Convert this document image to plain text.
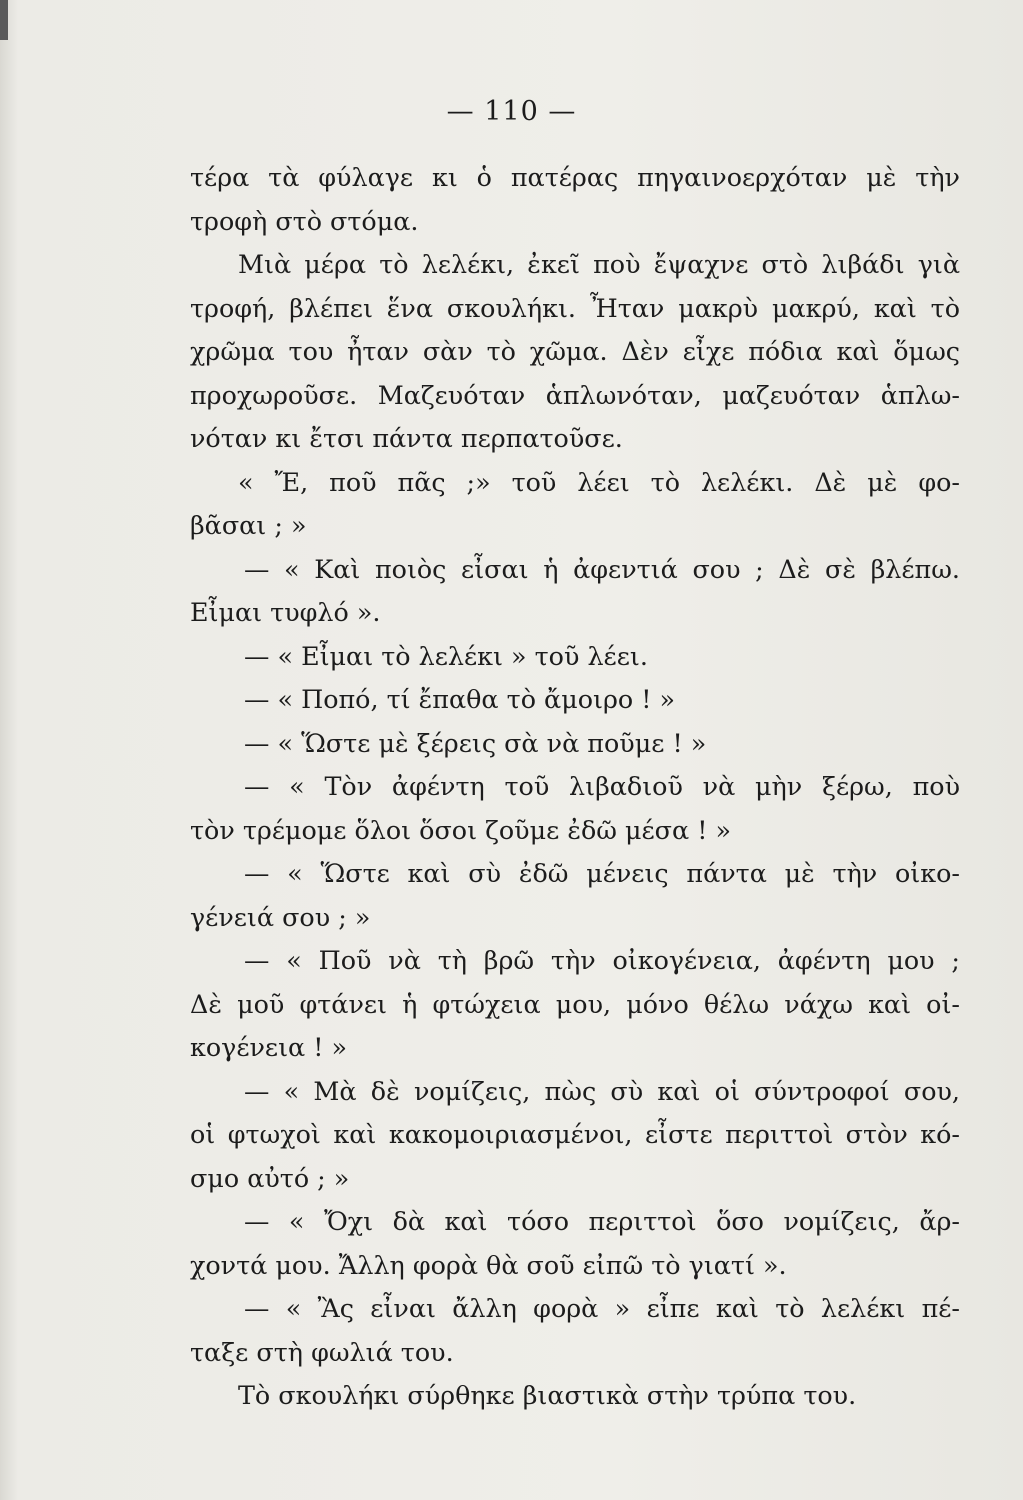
— 110 —
τέρα τὰ φύλαγε κι ὁ πατέρας πηγαινοερχόταν μὲ τὴν
τροφὴ στὸ στόμα.
Μιὰ μέρα τὸ λελέκι, ἐκεῖ ποὺ ἔψαχνε στὸ λιβάδι γιὰ
τροφή, βλέπει ἕνα σκουλήκι. Ἦταν μακρὺ μακρύ, καὶ τὸ
χρῶμα του ἦταν σὰν τὸ χῶμα. Δὲν εἶχε πόδια καὶ ὅμως
προχωροῦσε. Μαζευόταν ἁπλωνόταν, μαζευόταν ἁπλω-
νόταν κι ἔτσι πάντα περπατοῦσε.
« Ἔ, ποῦ πᾶς ;» τοῦ λέει τὸ λελέκι. Δὲ μὲ φο-
βᾶσαι ; »
— « Καὶ ποιὸς εἶσαι ἡ ἀφεντιά σου ; Δὲ σὲ βλέπω.
Εἶμαι τυφλό ».
— « Εἶμαι τὸ λελέκι » τοῦ λέει.
— « Ποπό, τί ἔπαθα τὸ ἄμοιρο ! »
— « Ὥστε μὲ ξέρεις σὰ νὰ ποῦμε ! »
— « Τὸν ἀφέντη τοῦ λιβαδιοῦ νὰ μὴν ξέρω, ποὺ
τὸν τρέμομε ὅλοι ὅσοι ζοῦμε ἐδῶ μέσα ! »
— « Ὥστε καὶ σὺ ἐδῶ μένεις πάντα μὲ τὴν οἰκο-
γένειά σου ; »
— « Ποῦ νὰ τὴ βρῶ τὴν οἰκογένεια, ἀφέντη μου ;
Δὲ μοῦ φτάνει ἡ φτώχεια μου, μόνο θέλω νάχω καὶ οἰ-
κογένεια ! »
— « Μὰ δὲ νομίζεις, πὼς σὺ καὶ οἱ σύντροφοί σου,
οἱ φτωχοὶ καὶ κακομοιριασμένοι, εἶστε περιττοὶ στὸν κό-
σμο αὐτό ; »
— « Ὄχι δὰ καὶ τόσο περιττοὶ ὅσο νομίζεις, ἄρ-
χοντά μου. Ἄλλη φορὰ θὰ σοῦ εἰπῶ τὸ γιατί ».
— « Ἂς εἶναι ἄλλη φορὰ » εἶπε καὶ τὸ λελέκι πέ-
ταξε στὴ φωλιά του.
Τὸ σκουλήκι σύρθηκε βιαστικὰ στὴν τρύπα του.
